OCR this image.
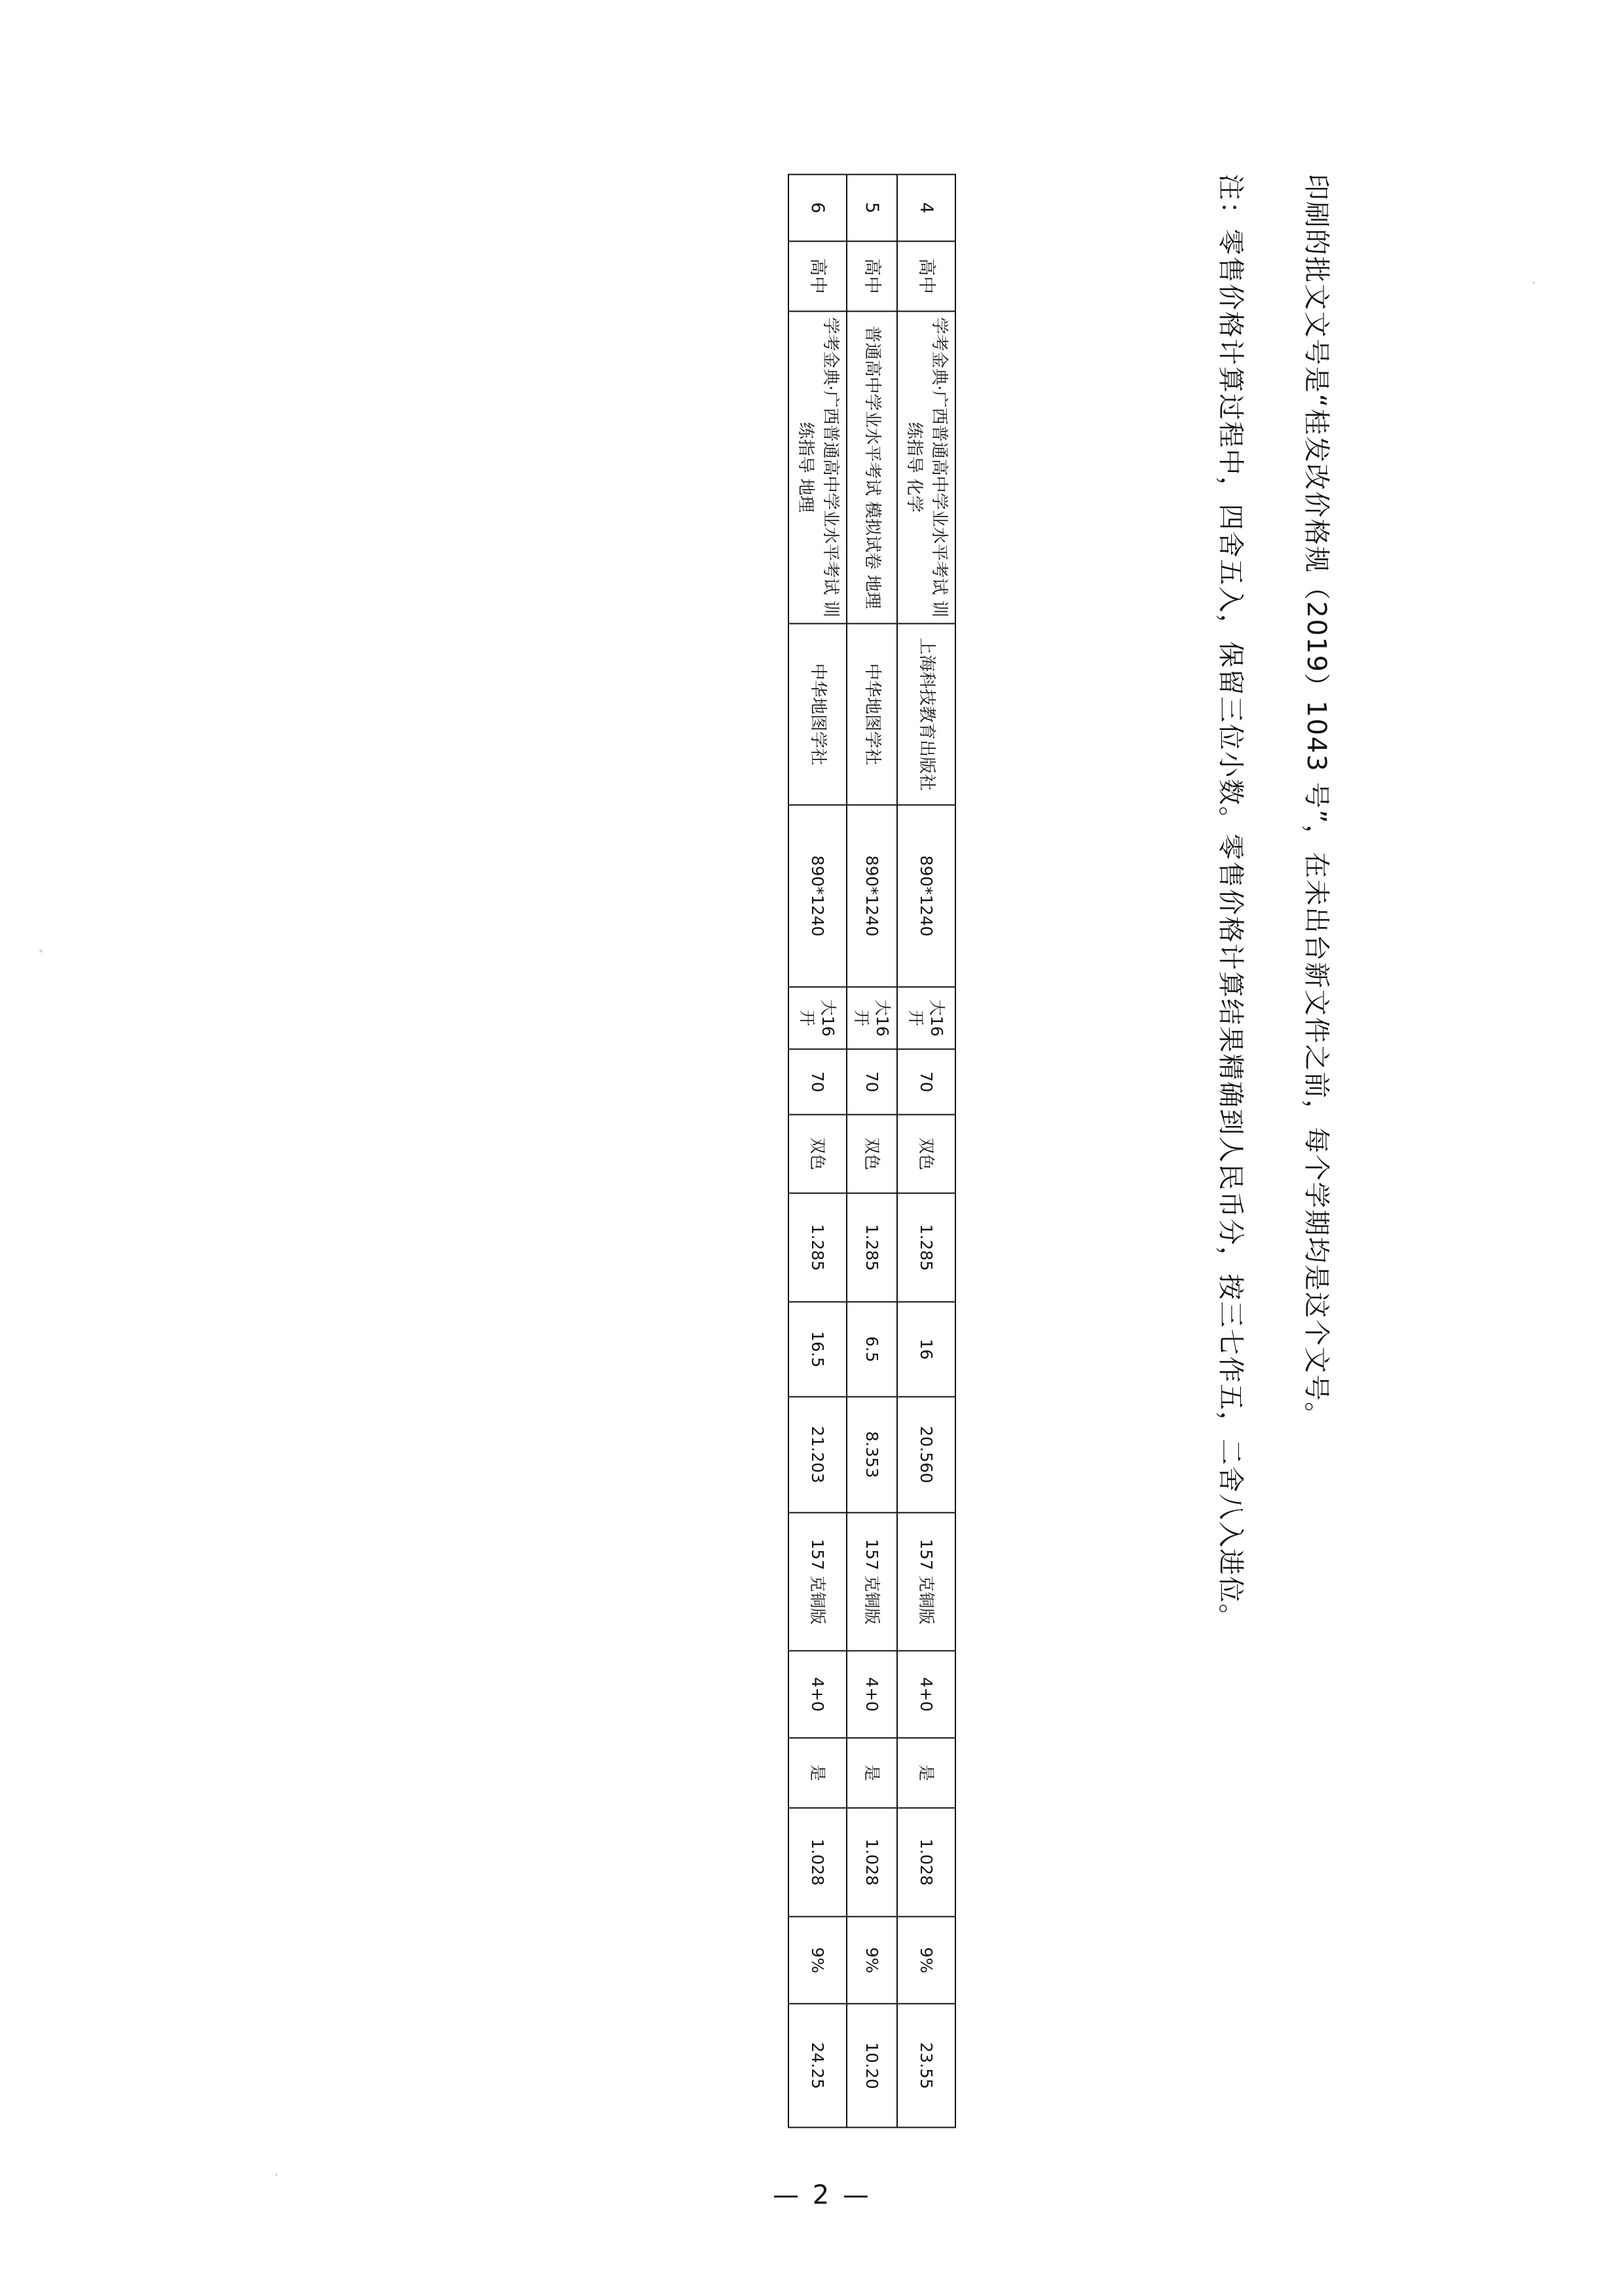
印刷的批文文号是“桂发改价格规（2019）1043 号”，在未出台新文件之前，每个学期均是这个文号。
注：零售价格计算过程中，四舍五入，保留三位小数。零售价格计算结果精确到人民币分，按三七作五，二舍八入进位。
4	高中	学考金典·广西普通高中学业水平考试 训练指导 化学	上海科技教育出版社	890*1240	大16开	70	双色	1.285	16	20.560	157 克铜版	4+0	是	1.028	9%	23.55
5	高中	普通高中学业水平考试 模拟试卷 地理	中华地图学社	890*1240	大16开	70	双色	1.285	6.5	8.353	157 克铜版	4+0	是	1.028	9%	10.20
6	高中	学考金典·广西普通高中学业水平考试 训练指导 地理	中华地图学社	890*1240	大16开	70	双色	1.285	16.5	21.203	157 克铜版	4+0	是	1.028	9%	24.25
— 2 —
